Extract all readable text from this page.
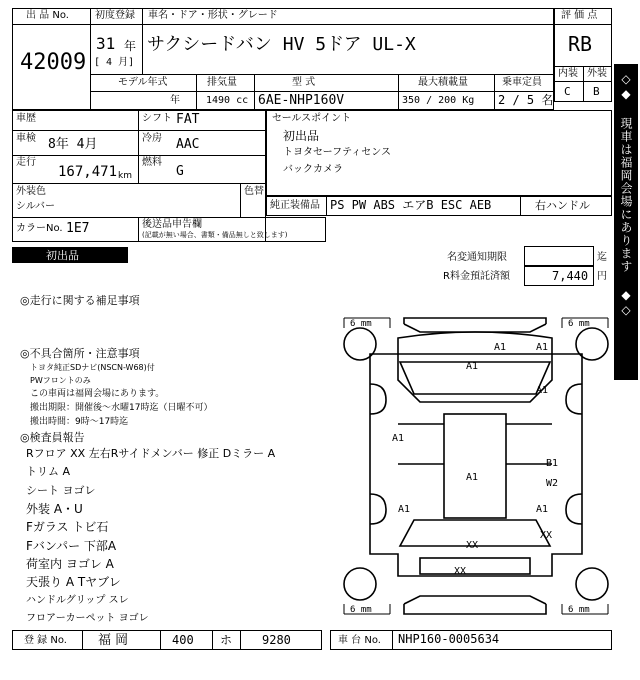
出 品 No.
42009
初度登録 車名・ドア・形状・グレード
31 年
[ 4 月]
サクシードバン HV 5ドア UL-X
モデル年式	排気量	型 式	最大積載量	乗車定員
年	1490 cc 6AE-NHP160V	350 / 200 Kg 2 / 5 名
評 価 点
RB
内装 外装
C B
車歴
車検 8年 4月
走行
167,471 km
シフト FAT
冷房 AAC
燃料
G
外装色
シルバー
色替
カラーNo. 1E7	後送品申告欄
(記載が無い場合、書類・備品無しと致します)
セールスポイント
初出品
トヨタセーフティセンス
バックカメラ
純正装備品 PS PW ABS エアB ESC AEB	右ハンドル
初出品	名変通知期限	迄
R料金預託済額	7,440 円
◎走行に関する補足事項
◎不具合箇所・注意事項
トヨタ純正SDナビ(NSCN-W68)付
PWフロントのみ
この車両は福岡会場にあります。
搬出期限：開催後～水曜17時迄（日曜不可）
搬出時間：9時～17時迄
◎検査員報告
Rフロア XX 左右Rサイドメンバー 修正 Dミラー A
トリム A
シート ヨゴレ
外装 A・U
Fガラス トビ石
Fバンパー 下部A
荷室内 ヨゴレ A
天張り A Tヤブレ
ハンドルグリップ スレ
フロアーカーペット ヨゴレ
6 mm	6 mm
6 mm	6 mm
A1	A1
A1
A1
A1
A1	A1
B1
W2
XX
A1
XX
XX
登 録 No. 福 岡	400 ホ 9280	車 台 No. NHP160-0005634
◇◆ 現車は福岡会場にあります ◆◇
